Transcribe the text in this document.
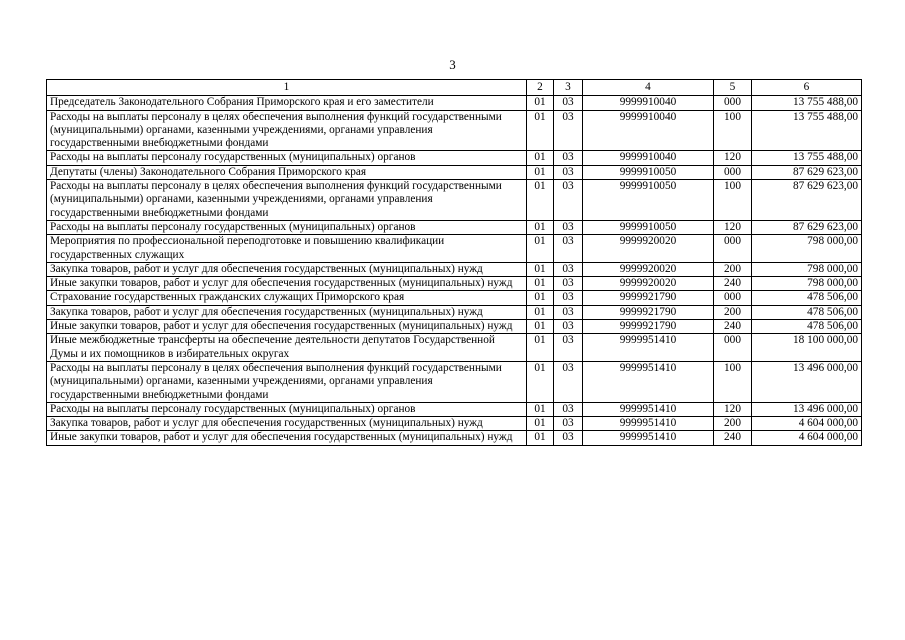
3
1	2	3	4	5	6
Председатель Законодательного Собрания Приморского края и его заместители	01	03	9999910040	000	13 755 488,00
Расходы на выплаты персоналу в целях обеспечения выполнения функций государственными (муниципальными) органами, казенными учреждениями, органами управления государственными внебюджетными фондами	01	03	9999910040	100	13 755 488,00
Расходы на выплаты персоналу государственных (муниципальных) органов	01	03	9999910040	120	13 755 488,00
Депутаты (члены) Законодательного Собрания Приморского края	01	03	9999910050	000	87 629 623,00
Расходы на выплаты персоналу в целях обеспечения выполнения функций государственными (муниципальными) органами, казенными учреждениями, органами управления государственными внебюджетными фондами	01	03	9999910050	100	87 629 623,00
Расходы на выплаты персоналу государственных (муниципальных) органов	01	03	9999910050	120	87 629 623,00
Мероприятия по профессиональной переподготовке и повышению квалификации государственных служащих	01	03	9999920020	000	798 000,00
Закупка товаров, работ и услуг для обеспечения государственных (муниципальных) нужд	01	03	9999920020	200	798 000,00
Иные закупки товаров, работ и услуг для обеспечения государственных (муниципальных) нужд	01	03	9999920020	240	798 000,00
Страхование государственных гражданских служащих Приморского края	01	03	9999921790	000	478 506,00
Закупка товаров, работ и услуг для обеспечения государственных (муниципальных) нужд	01	03	9999921790	200	478 506,00
Иные закупки товаров, работ и услуг для обеспечения государственных (муниципальных) нужд	01	03	9999921790	240	478 506,00
Иные межбюджетные трансферты на обеспечение деятельности депутатов Государственной Думы и их помощников в избирательных округах	01	03	9999951410	000	18 100 000,00
Расходы на выплаты персоналу в целях обеспечения выполнения функций государственными (муниципальными) органами, казенными учреждениями, органами управления государственными внебюджетными фондами	01	03	9999951410	100	13 496 000,00
Расходы на выплаты персоналу государственных (муниципальных) органов	01	03	9999951410	120	13 496 000,00
Закупка товаров, работ и услуг для обеспечения государственных (муниципальных) нужд	01	03	9999951410	200	4 604 000,00
Иные закупки товаров, работ и услуг для обеспечения государственных (муниципальных) нужд	01	03	9999951410	240	4 604 000,00
